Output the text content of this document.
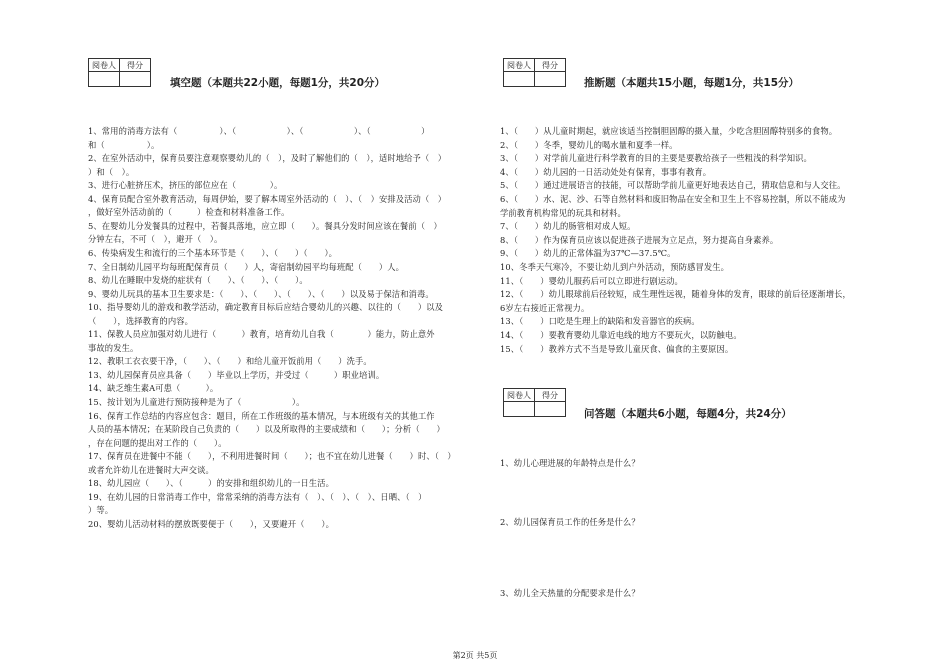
阅卷人	得分

填空题（本题共22小题，每题1分，共20分）
1、常用的消毒方法有（　　　　　）、（　　　　　　）、（　　　　　　）、（　　　　　　）
和（　　　　　）。
2、在室外活动中，保育员要注意观察婴幼儿的（　），及时了解他们的（　），适时地给予（　）
）和（　）。
3、进行心脏挤压术，挤压的部位应在（　　　　）。
4、保育员配合室外教育活动，每周伊始，要了解本周室外活动的（　）、（　）安排及活动（　）
，做好室外活动前的（　　　）检查和材料准备工作。
5、在婴幼儿分发餐具的过程中，若餐具落地，应立即（　　）。餐具分发时间应该在餐前（　）
分钟左右，不可（　），避开（　）。
6、传染病发生和流行的三个基本环节是（　　）、（　　）（　　）。
7、全日制幼儿园平均每班配保育员（　　）人，寄宿制幼园平均每班配（　　）人。
8、幼儿在睡眠中发烧的症状有（　　）、（　　）、（　　）。
9、婴幼儿玩具的基本卫生要求是：（　　）、（　　）、（　　）、（　　）以及易于保洁和消毒。
10、指导婴幼儿的游戏和教学活动，确定教育目标后应结合婴幼儿的兴趣、以往的（　　）以及
（　　），选择教育的内容。
11、保教人员应加强对幼儿进行（　　　）教育，培育幼儿自我（　　　　）能力，防止意外
事故的发生。
12、教职工衣衣要干净，（　　）、（　　）和给儿童开饭前用（　　）洗手。
13、幼儿园保育员应具备（　　）毕业以上学历，并受过（　　　）职业培训。
14、缺乏维生素A可患（　　　）。
15、按计划为儿童进行预防接种是为了（　　　　　　）。
16、保育工作总结的内容应包含：题目，所在工作班级的基本情况，与本班级有关的其他工作
人员的基本情况；在某阶段自己负责的（　　）以及所取得的主要成绩和（　　）；分析（　　）
，存在问题的提出对工作的（　　）。
17、保育员在进餐中不能（　　），不利用进餐时间（　　）；也不宜在幼儿进餐（　　）时、（　）
或者允许幼儿在进餐时大声交谈。
18、幼儿园应（　　）、（　　　）的安排和组织幼儿的一日生活。
19、在幼儿园的日常消毒工作中，常常采纳的消毒方法有（　）、（　）、（　）、日晒、（　）
）等。
20、婴幼儿活动材料的摆放既要便于（　　），又要避开（　　）。
阅卷人	得分

推断题（本题共15小题，每题1分，共15分）
1、（　　）从儿童时期起，就应该适当控制胆固醇的摄入量，少吃含胆固醇特别多的食物。
2、（　　）冬季，婴幼儿的喝水量和夏季一样。
3、（　　）对学前儿童进行科学教育的目的主要是要教给孩子一些粗浅的科学知识。
4、（　　）幼儿园的一日活动处处有保育，事事有教育。
5、（　　）通过进展语言的技能，可以帮助学前儿童更好地表达自己，猜取信息和与人交往。
6、（　　）水、泥、沙、石等自然材料和废旧物品在安全和卫生上不容易控制，所以不能成为
学前教育机构常见的玩具和材料。
7、（　　）幼儿的肠管相对成人短。
8、（　　）作为保育员应该以促进孩子进展为立足点，努力提高自身素养。
9、（　　）幼儿的正常体温为37℃—37.5℃。
10、冬季天气寒冷，不要让幼儿到户外活动，预防感冒发生。
11、（　　）婴幼儿服药后可以立即进行剧运动。
12、（　　）幼儿眼球前后径较短，成生理性远视，随着身体的发育，眼球的前后径逐渐增长，
6岁左右接近正常视力。
13、（　　）口吃是生理上的缺陷和发音器官的疾病。
14、（　　）要教育婴幼儿靠近电线的地方不要玩火，以防触电。
15、（　　）教养方式不当是导致儿童厌食、偏食的主要原因。
阅卷人	得分

问答题（本题共6小题，每题4分，共24分）
1、幼儿心理进展的年龄特点是什么？
2、幼儿园保育员工作的任务是什么？
3、幼儿全天热量的分配要求是什么？
第2页 共5页
